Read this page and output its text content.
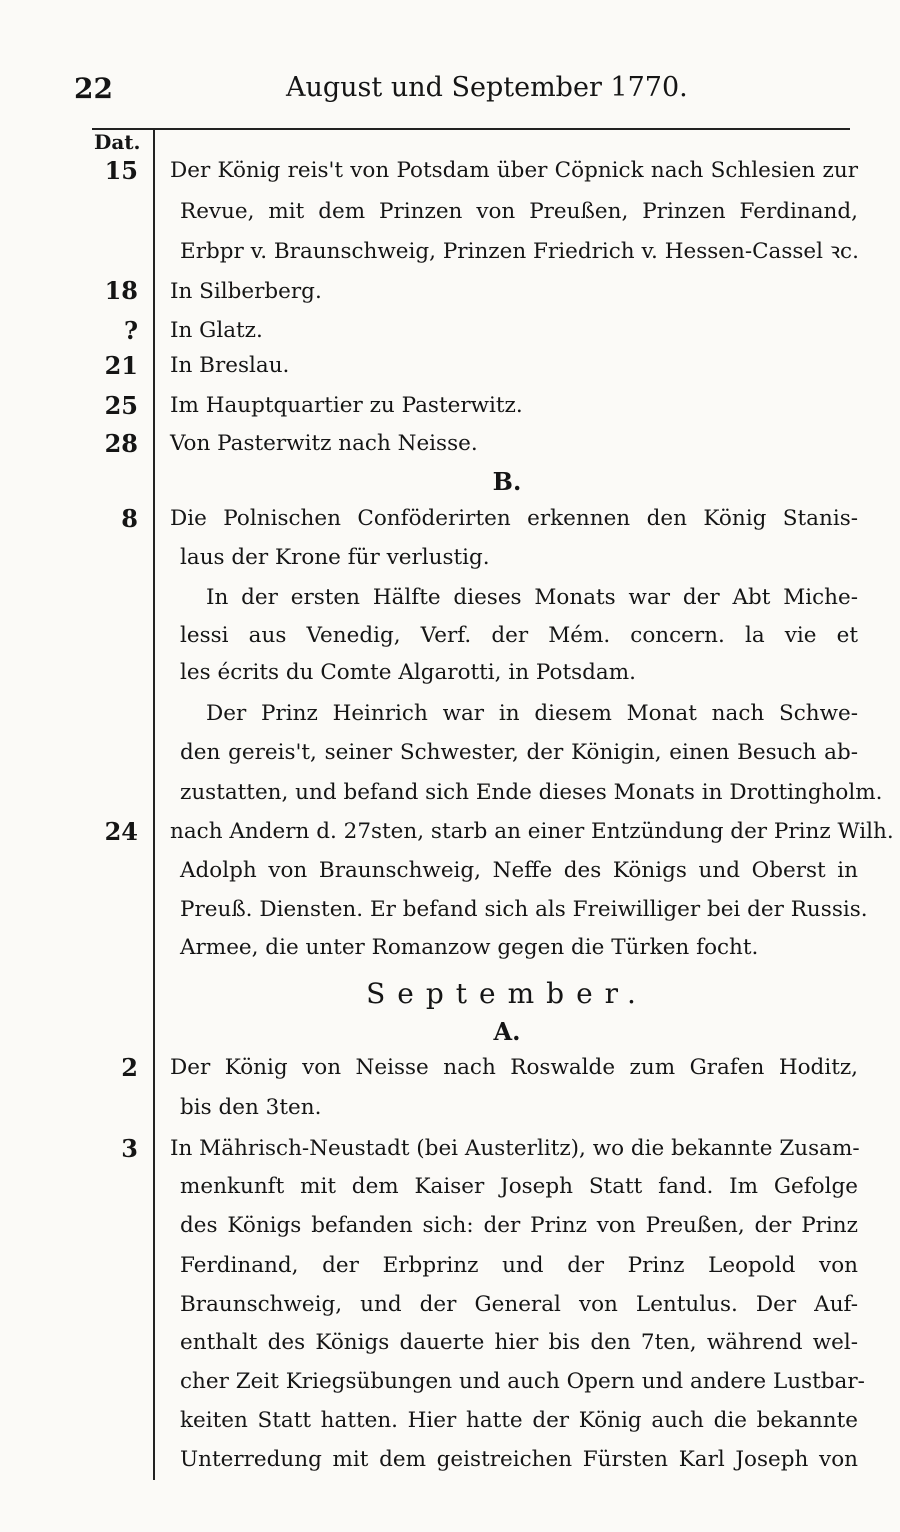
22	August und September 1770.
Dat.
15
18
?
21
25
28
8
24
2
3
Der König reis't von Potsdam über Cöpnick nach Schlesien zur
Revue, mit dem Prinzen von Preußen, Prinzen Ferdinand,
Erbpr v. Braunschweig, Prinzen Friedrich v. Hessen-Cassel ꝛc.
In Silberberg.
In Glatz.
In Breslau.
Im Hauptquartier zu Pasterwitz.
Von Pasterwitz nach Neisse.
B.
Die Polnischen Conföderirten erkennen den König Stanis-
laus der Krone für verlustig.
In der ersten Hälfte dieses Monats war der Abt Miche-
lessi aus Venedig, Verf. der Mém. concern. la vie et
les écrits du Comte Algarotti, in Potsdam.
Der Prinz Heinrich war in diesem Monat nach Schwe-
den gereis't, seiner Schwester, der Königin, einen Besuch ab-
zustatten, und befand sich Ende dieses Monats in Drottingholm.
nach Andern d. 27sten, starb an einer Entzündung der Prinz Wilh.
Adolph von Braunschweig, Neffe des Königs und Oberst in
Preuß. Diensten. Er befand sich als Freiwilliger bei der Russis.
Armee, die unter Romanzow gegen die Türken focht.
September.
A.
Der König von Neisse nach Roswalde zum Grafen Hoditz,
bis den 3ten.
In Mährisch-Neustadt (bei Austerlitz), wo die bekannte Zusam-
menkunft mit dem Kaiser Joseph Statt fand. Im Gefolge
des Königs befanden sich: der Prinz von Preußen, der Prinz
Ferdinand, der Erbprinz und der Prinz Leopold von
Braunschweig, und der General von Lentulus. Der Auf-
enthalt des Königs dauerte hier bis den 7ten, während wel-
cher Zeit Kriegsübungen und auch Opern und andere Lustbar-
keiten Statt hatten. Hier hatte der König auch die bekannte
Unterredung mit dem geistreichen Fürsten Karl Joseph von
